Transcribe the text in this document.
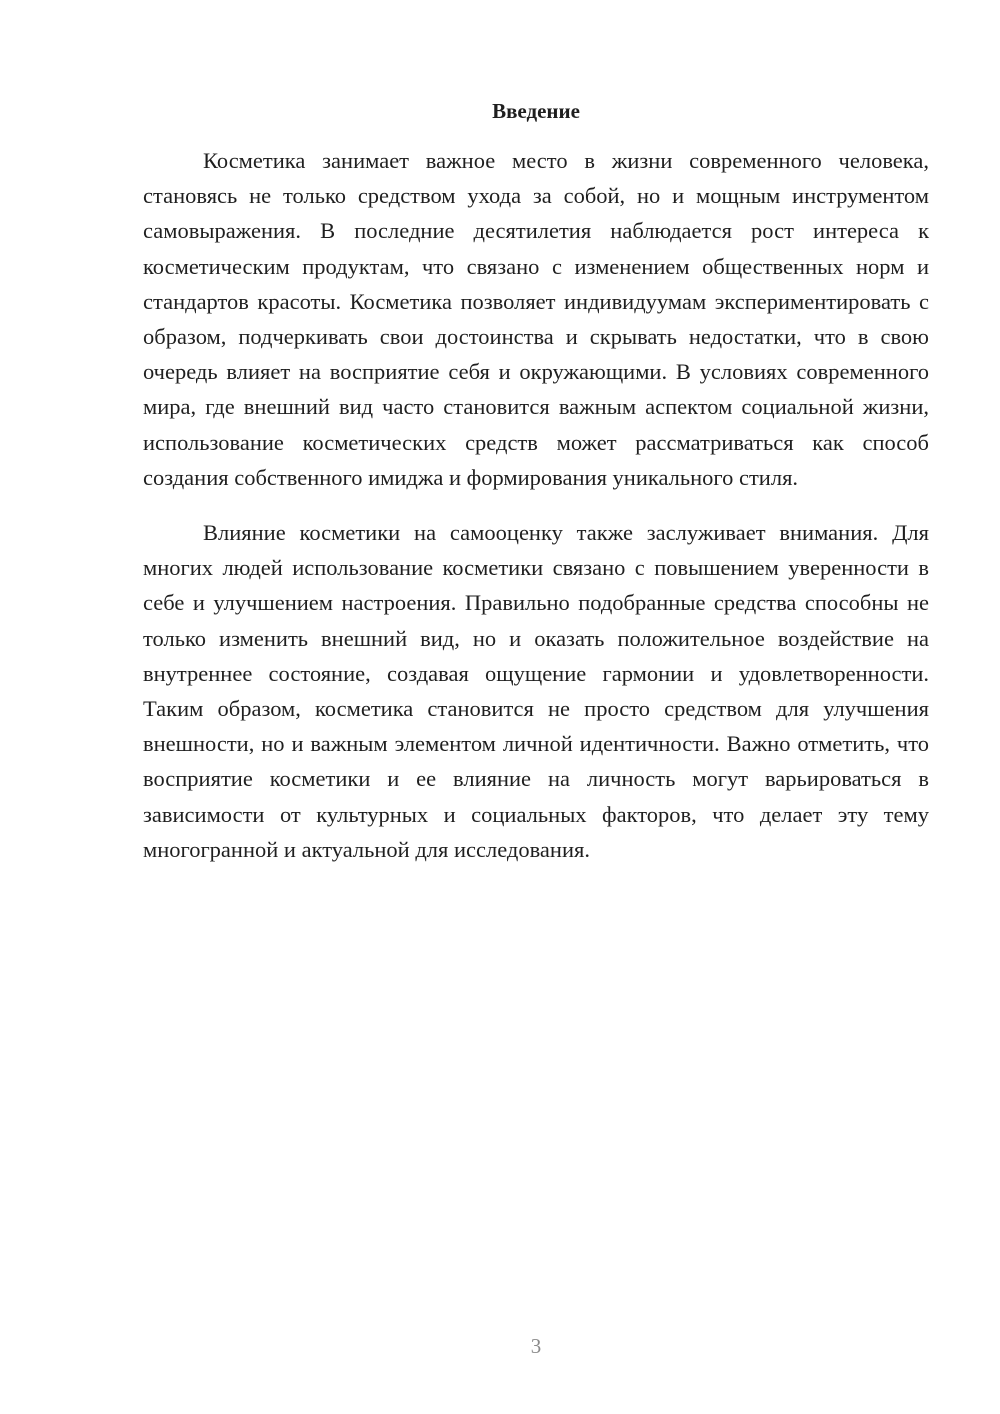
Введение

Косметика занимает важное место в жизни современного человека, становясь не только средством ухода за собой, но и мощным инструментом самовыражения. В последние десятилетия наблюдается рост интереса к косметическим продуктам, что связано с изменением общественных норм и стандартов красоты. Косметика позволяет индивидуумам экспериментировать с образом, подчеркивать свои достоинства и скрывать недостатки, что в свою очередь влияет на восприятие себя и окружающими. В условиях современного мира, где внешний вид часто становится важным аспектом социальной жизни, использование косметических средств может рассматриваться как способ создания собственного имиджа и формирования уникального стиля.

Влияние косметики на самооценку также заслуживает внимания. Для многих людей использование косметики связано с повышением уверенности в себе и улучшением настроения. Правильно подобранные средства способны не только изменить внешний вид, но и оказать положительное воздействие на внутреннее состояние, создавая ощущение гармонии и удовлетворенности. Таким образом, косметика становится не просто средством для улучшения внешности, но и важным элементом личной идентичности. Важно отметить, что восприятие косметики и ее влияние на личность могут варьироваться в зависимости от культурных и социальных факторов, что делает эту тему многогранной и актуальной для исследования.

3
